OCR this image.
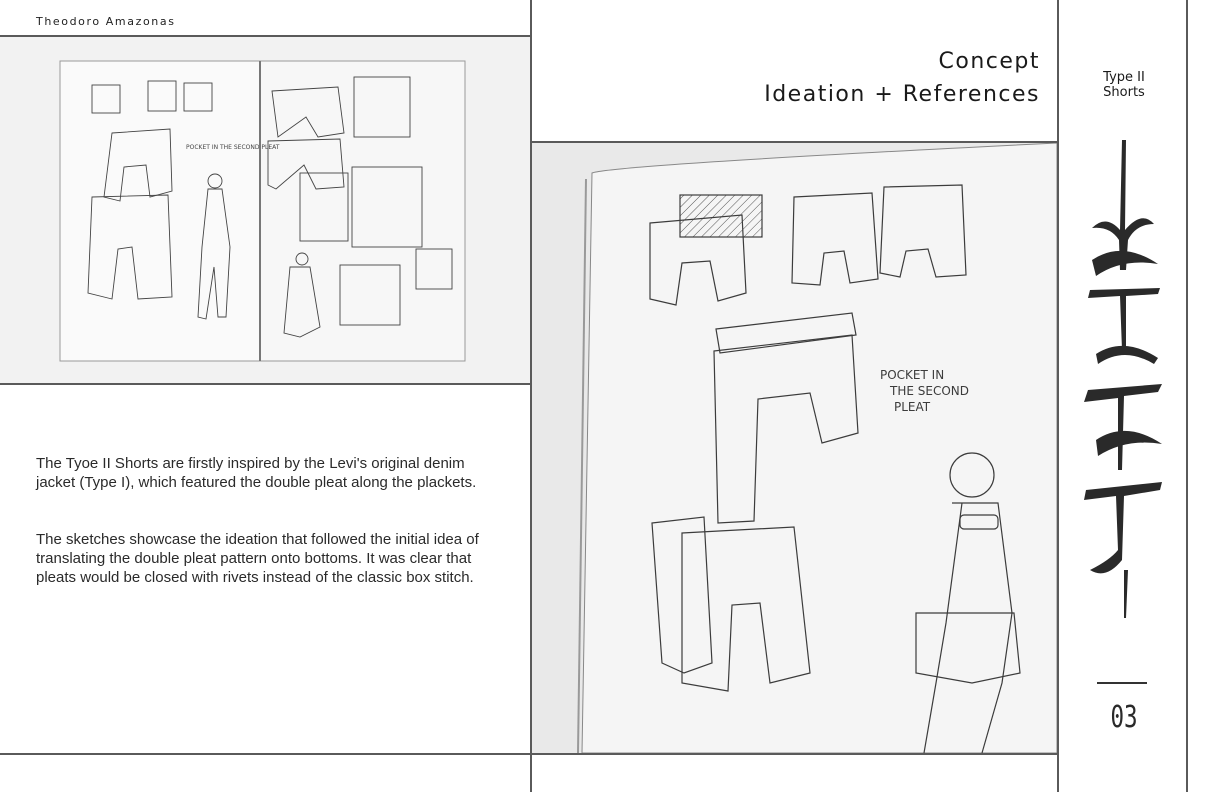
Theodoro Amazonas
Concept
Ideation + References
Type II
Shorts
POCKET IN THE SECOND PLEAT
POCKET IN
THE SECOND
PLEAT

The Tyoe II Shorts are firstly inspired by the Levi's original denim jacket (Type I), which featured the double pleat along the plackets.

The sketches showcase the ideation that followed the initial idea of translating the double pleat pattern onto bottoms. It was clear that pleats would be closed with rivets instead of the classic box stitch.

03
